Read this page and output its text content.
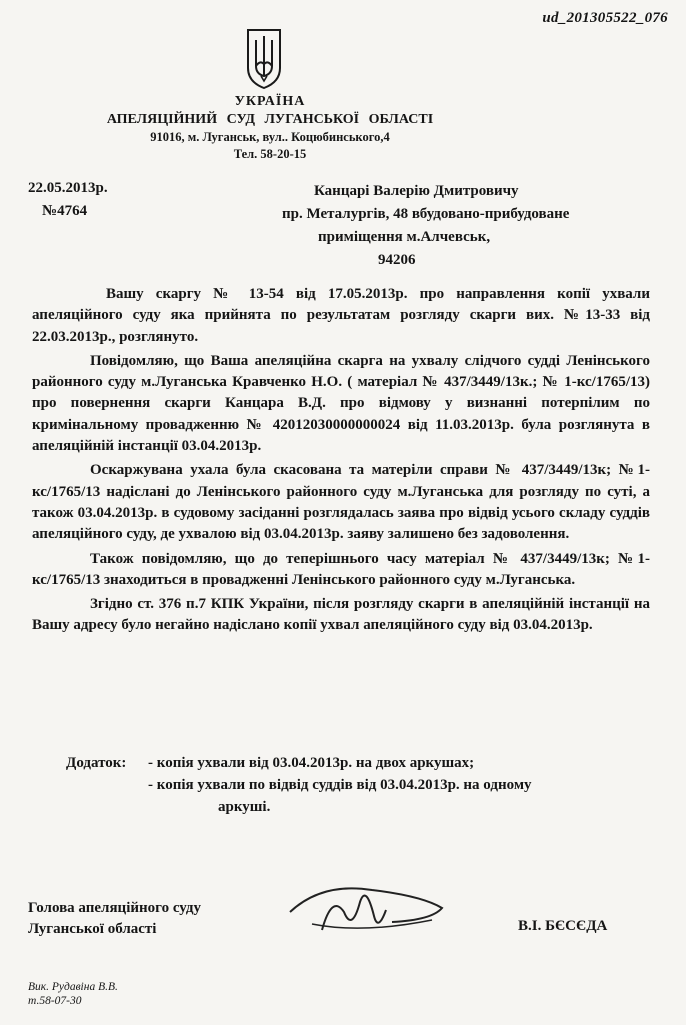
ud_201305522_076
УКРАЇНА
АПЕЛЯЦІЙНИЙ СУД ЛУГАНСЬКОЇ ОБЛАСТІ
91016, м. Луганськ, вул.. Коцюбинського,4
Тел. 58-20-15
22.05.2013р.
№4764
Канцарі Валерію Дмитровичу
пр. Металургів, 48 вбудовано-прибудоване
приміщення м.Алчевськ,
94206

Вашу скаргу № 13-54 від 17.05.2013р. про направлення копії ухвали апеляційного суду яка прийнята по результатам розгляду скарги вих. №13-33 від 22.03.2013р., розглянуто.

Повідомляю, що Ваша апеляційна скарга на ухвалу слідчого судді Ленінського районного суду м.Луганська Кравченко Н.О. ( матеріал № 437/3449/13к.; № 1-кс/1765/13) про повернення скарги Канцара В.Д. про відмову у визнанні потерпілим по кримінальному провадженню № 42012030000000024 від 11.03.2013р. була розглянута в апеляційній інстанції 03.04.2013р.

Оскаржувана ухала була скасована та матеріли справи № 437/3449/13к; №1-кс/1765/13 надіслані до Ленінського районного суду м.Луганська для розгляду по суті, а також 03.04.2013р. в судовому засіданні розглядалась заява про відвід усього складу суддів апеляційного суду, де ухвалою від 03.04.2013р. заяву залишено без задоволення.

Також повідомляю, що до теперішнього часу матеріал № 437/3449/13к; №1-кс/1765/13 знаходиться в провадженні Ленінського районного суду м.Луганська.

Згідно ст. 376 п.7 КПК України, після розгляду скарги в апеляційній інстанції на Вашу адресу було негайно надіслано копії ухвал апеляційного суду від 03.04.2013р.

Додаток: - копія ухвали від 03.04.2013р. на двох аркушах;
- копія ухвали по відвід суддів від 03.04.2013р. на одному
аркуші.
Голова апеляційного суду
Луганської області	В.І. БЄСЄДА
Вик. Рудавіна В.В.
т.58-07-30
